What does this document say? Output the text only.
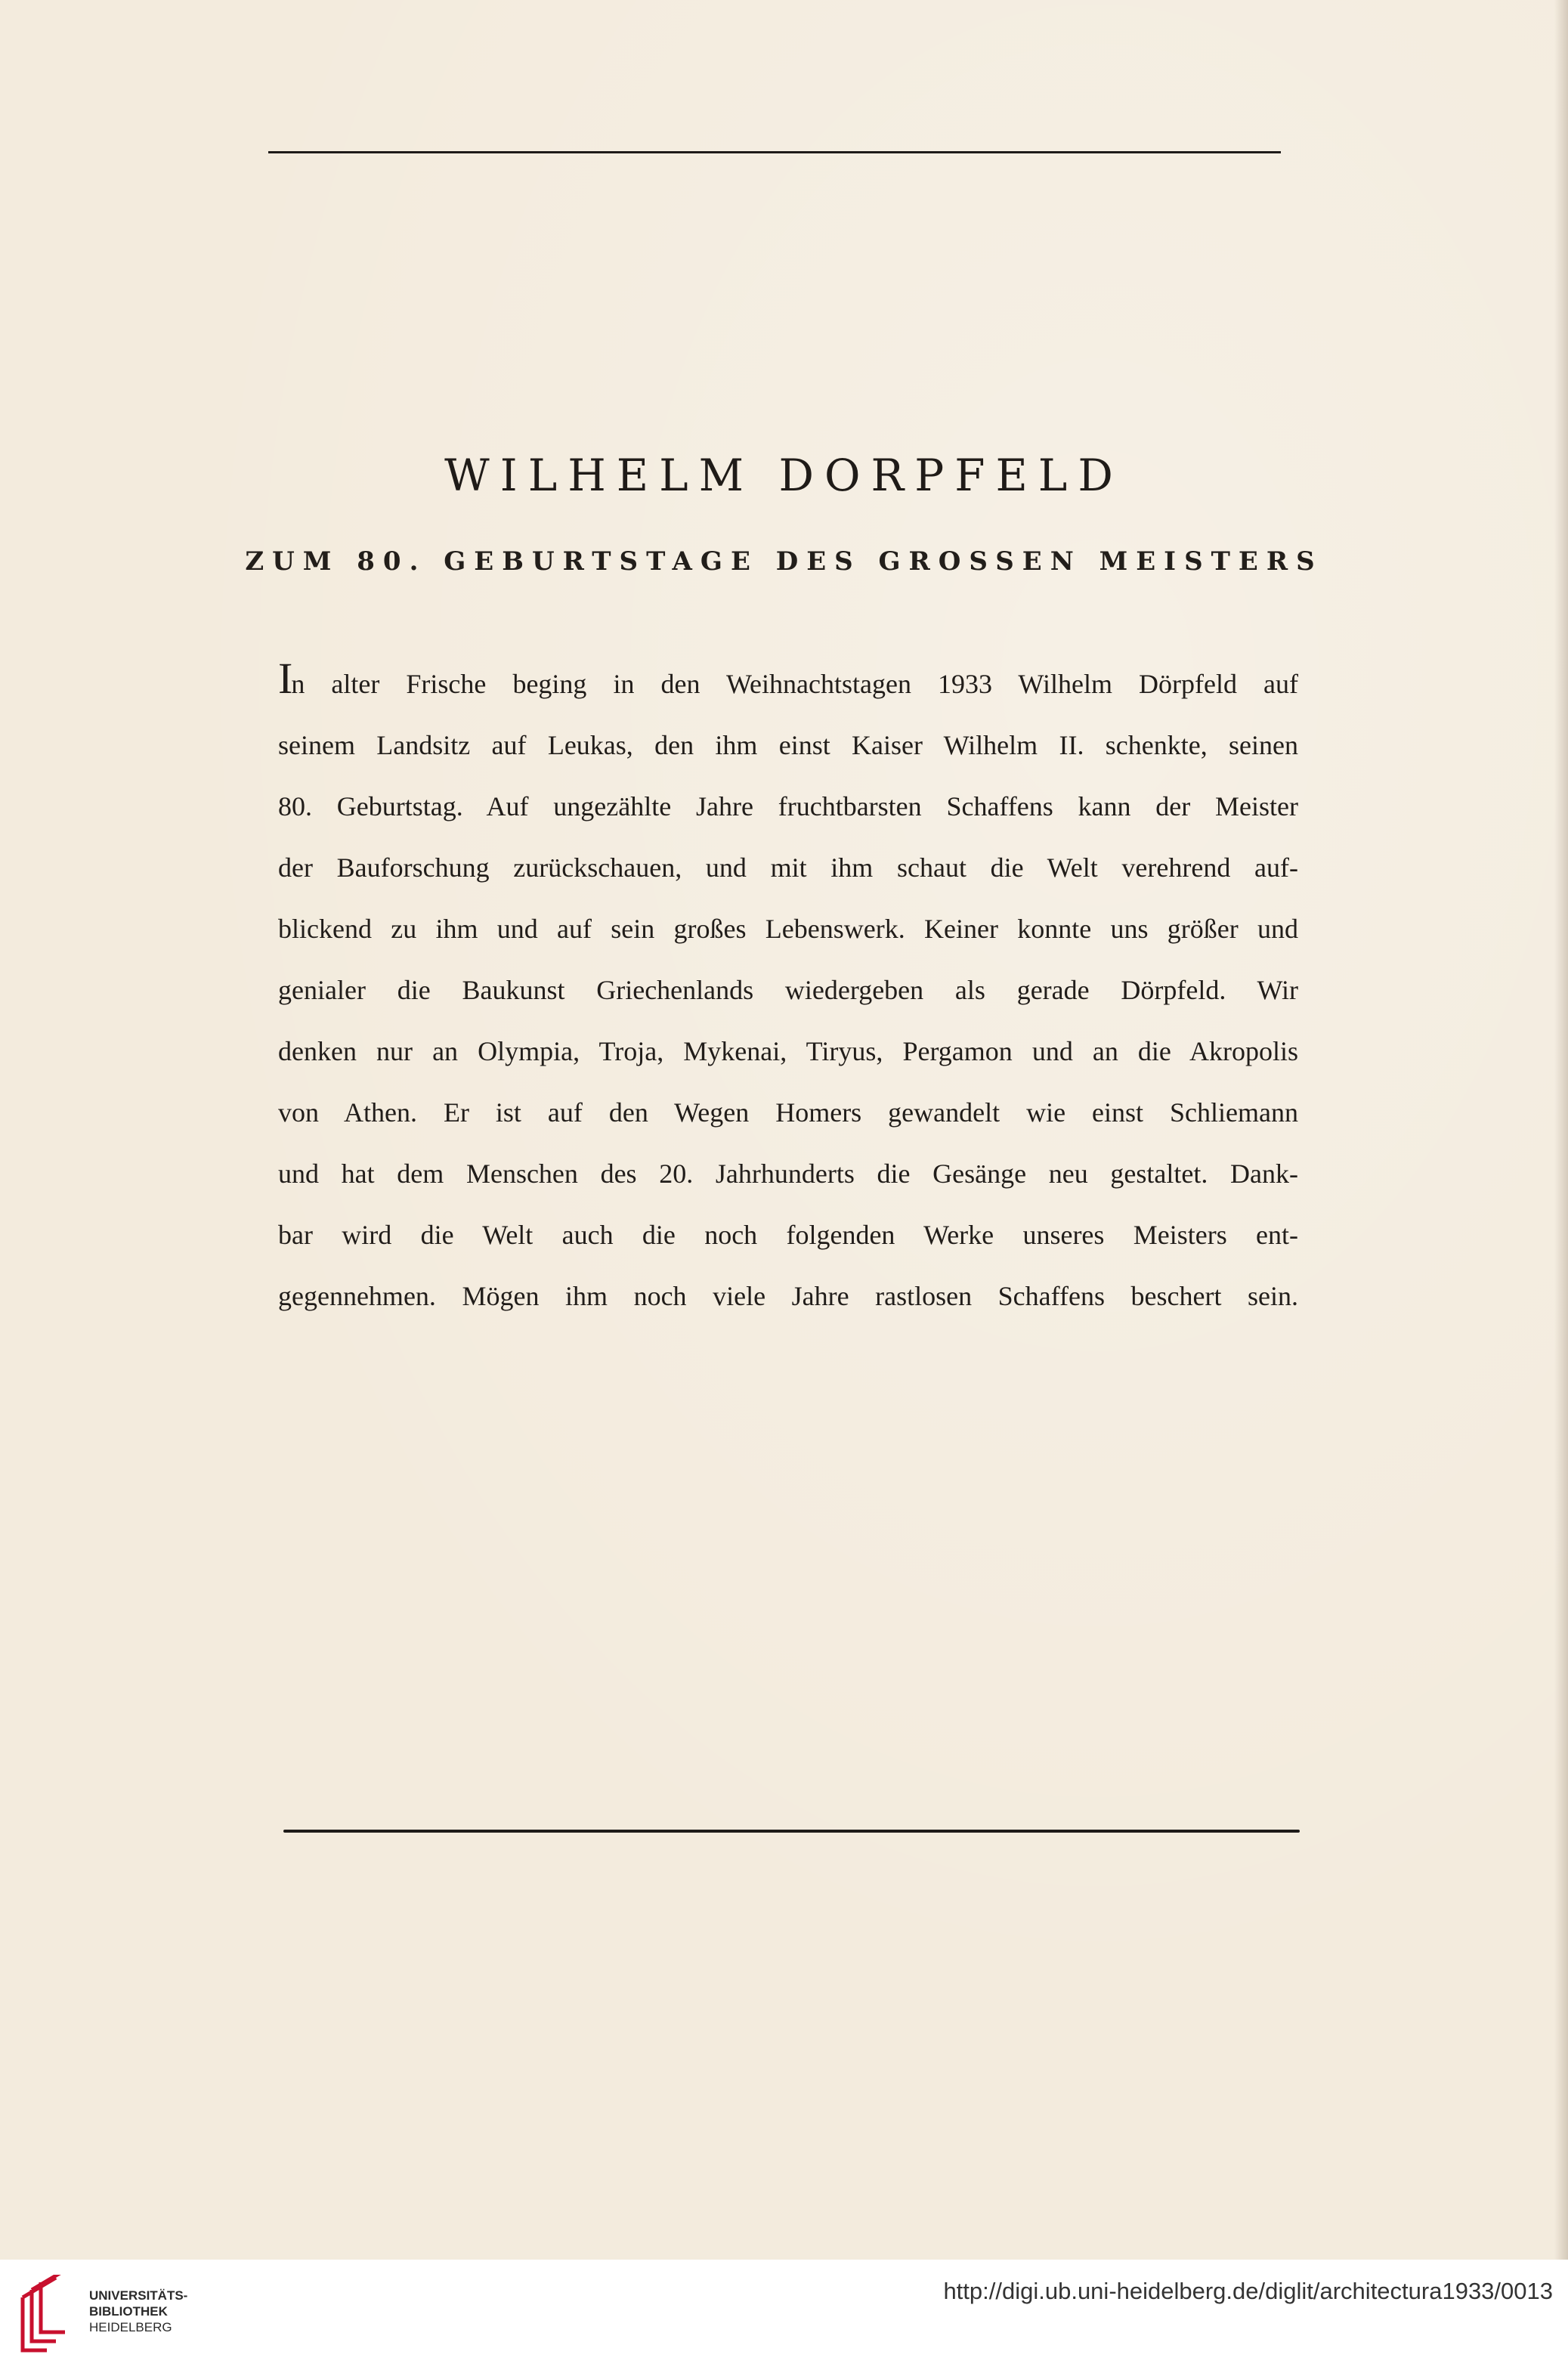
WILHELM DORPFELD
ZUM 80. GEBURTSTAGE DES GROSSEN MEISTERS
In alter Frische beging in den Weihnachtstagen 1933 Wilhelm Dörpfeld auf
seinem Landsitz auf Leukas, den ihm einst Kaiser Wilhelm II. schenkte, seinen
80. Geburtstag. Auf ungezählte Jahre fruchtbarsten Schaffens kann der Meister
der Bauforschung zurückschauen, und mit ihm schaut die Welt verehrend auf-
blickend zu ihm und auf sein großes Lebenswerk. Keiner konnte uns größer und
genialer die Baukunst Griechenlands wiedergeben als gerade Dörpfeld. Wir
denken nur an Olympia, Troja, Mykenai, Tiryus, Pergamon und an die Akropolis
von Athen. Er ist auf den Wegen Homers gewandelt wie einst Schliemann
und hat dem Menschen des 20. Jahrhunderts die Gesänge neu gestaltet. Dank-
bar wird die Welt auch die noch folgenden Werke unseres Meisters ent-
gegennehmen. Mögen ihm noch viele Jahre rastlosen Schaffens beschert sein.
UNIVERSITÄTS-
BIBLIOTHEK
HEIDELBERG
http://digi.ub.uni-heidelberg.de/diglit/architectura1933/0013
